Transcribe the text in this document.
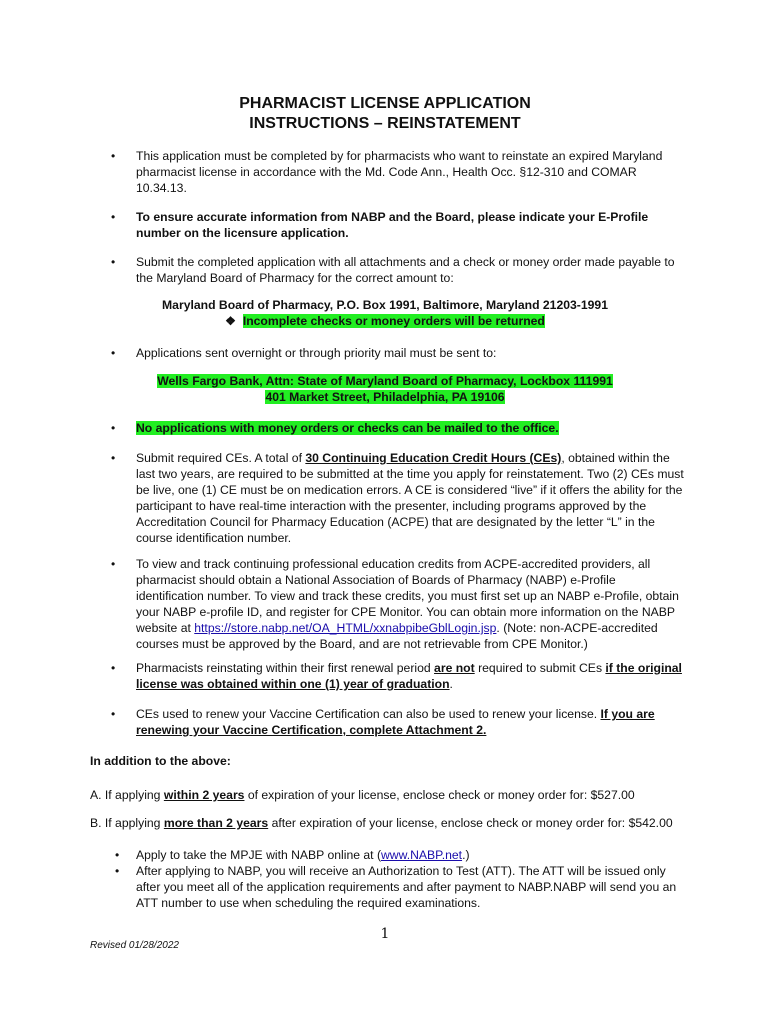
PHARMACIST LICENSE APPLICATION
INSTRUCTIONS – REINSTATEMENT
• This application must be completed by for pharmacists who want to reinstate an expired Maryland pharmacist license in accordance with the Md. Code Ann., Health Occ. §12-310 and COMAR 10.34.13.
• To ensure accurate information from NABP and the Board, please indicate your E-Profile number on the licensure application.
• Submit the completed application with all attachments and a check or money order made payable to the Maryland Board of Pharmacy for the correct amount to:
Maryland Board of Pharmacy, P.O. Box 1991, Baltimore, Maryland 21203-1991
❖ Incomplete checks or money orders will be returned
• Applications sent overnight or through priority mail must be sent to:
Wells Fargo Bank, Attn: State of Maryland Board of Pharmacy, Lockbox 111991
401 Market Street, Philadelphia, PA 19106
• No applications with money orders or checks can be mailed to the office.
• Submit required CEs. A total of 30 Continuing Education Credit Hours (CEs), obtained within the last two years, are required to be submitted at the time you apply for reinstatement. Two (2) CEs must be live, one (1) CE must be on medication errors. A CE is considered “live” if it offers the ability for the participant to have real-time interaction with the presenter, including programs approved by the Accreditation Council for Pharmacy Education (ACPE) that are designated by the letter “L” in the course identification number.
• To view and track continuing professional education credits from ACPE-accredited providers, all pharmacist should obtain a National Association of Boards of Pharmacy (NABP) e-Profile identification number. To view and track these credits, you must first set up an NABP e-Profile, obtain your NABP e-profile ID, and register for CPE Monitor. You can obtain more information on the NABP website at https://store.nabp.net/OA_HTML/xxnabpibeGblLogin.jsp. (Note: non-ACPE-accredited courses must be approved by the Board, and are not retrievable from CPE Monitor.)
• Pharmacists reinstating within their first renewal period are not required to submit CEs if the original license was obtained within one (1) year of graduation.
• CEs used to renew your Vaccine Certification can also be used to renew your license. If you are renewing your Vaccine Certification, complete Attachment 2.
In addition to the above:
A. If applying within 2 years of expiration of your license, enclose check or money order for: $527.00
B. If applying more than 2 years after expiration of your license, enclose check or money order for: $542.00
• Apply to take the MPJE with NABP online at (www.NABP.net.)
• After applying to NABP, you will receive an Authorization to Test (ATT). The ATT will be issued only after you meet all of the application requirements and after payment to NABP.NABP will send you an ATT number to use when scheduling the required examinations.
1
Revised 01/28/2022
